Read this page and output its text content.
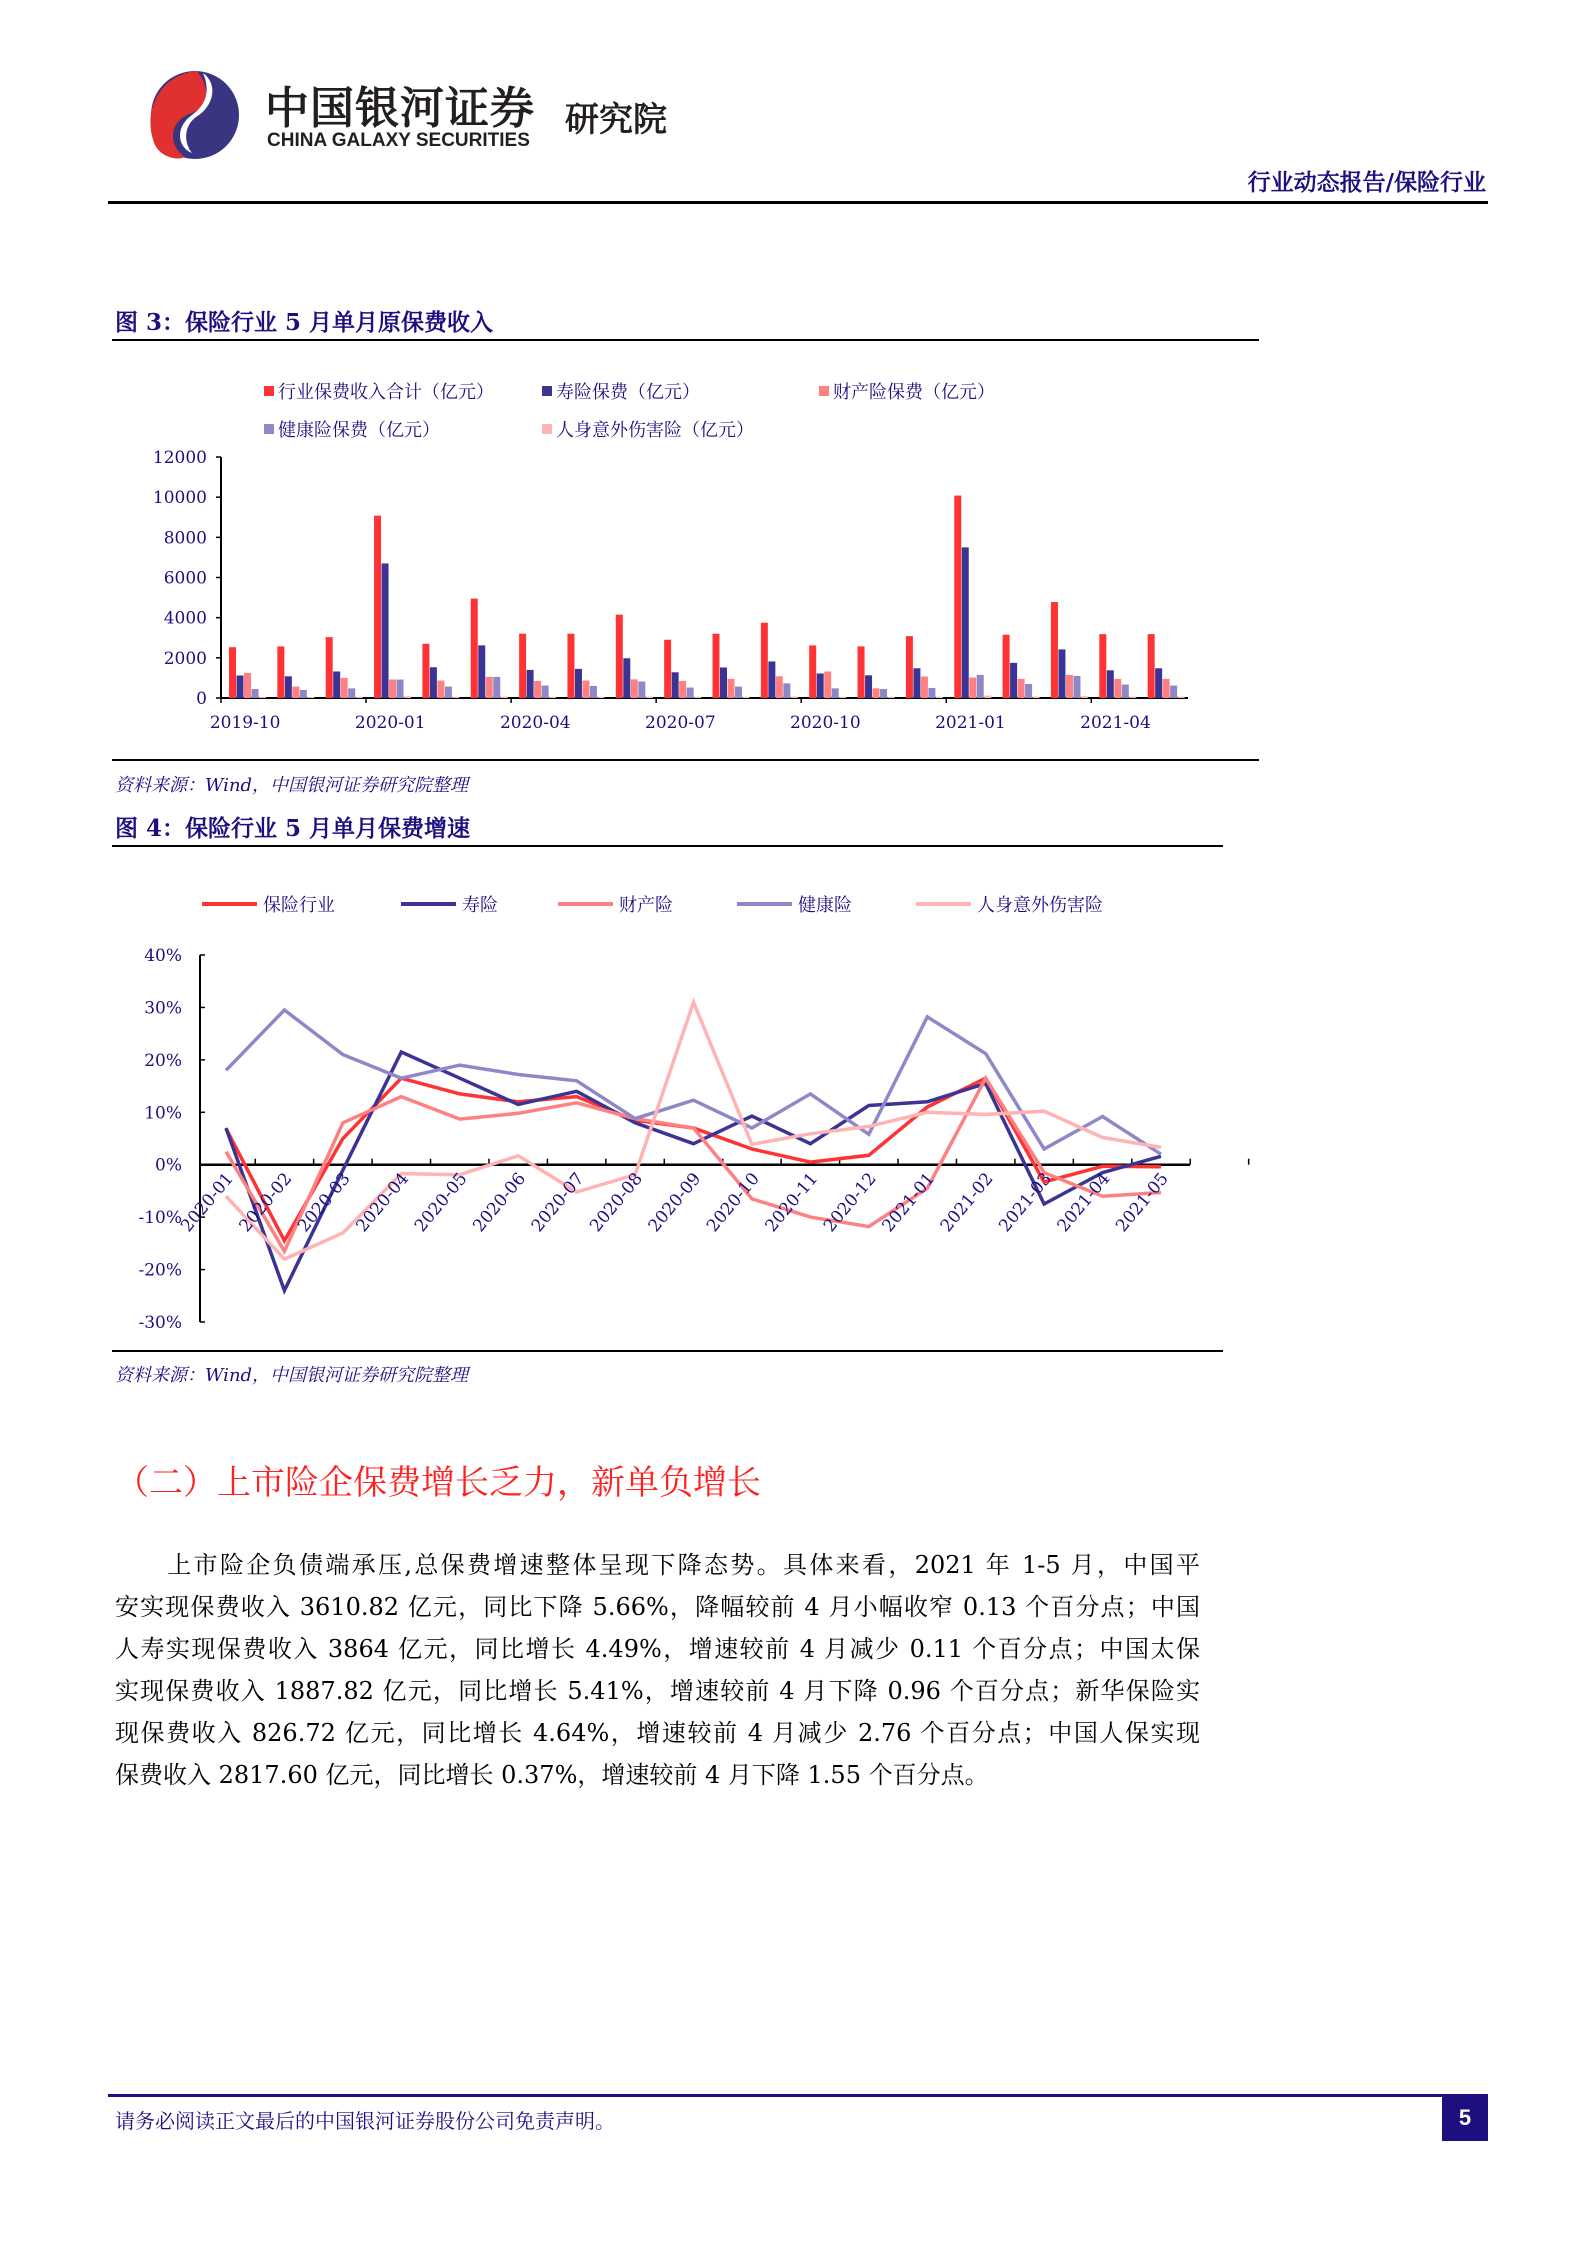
中国银河证券
CHINA GALAXY SECURITIES
研究院
行业动态报告/保险行业
图 3：保险行业 5 月单月原保费收入
行业保费收入合计（亿元）	寿险保费（亿元）	财产险保费（亿元）
健康险保费（亿元）	人身意外伤害险（亿元）
0
2000
4000
6000
8000
10000
12000
2019-10	2020-01	2020-04	2020-07	2020-10	2021-01	2021-04
资料来源：Wind，中国银河证券研究院整理
图 4：保险行业 5 月单月保费增速
保险行业	寿险	财产险	健康险	人身意外伤害险
-30%
-20%
-10%
0%
10%
20%
30%
40%
2020-01
2020-02
2020-03
2020-04
2020-05
2020-06
2020-07
2020-08
2020-09
2020-10
2020-11
2020-12
2021-01
2021-02
2021-03
2021-04
2021-05
资料来源：Wind，中国银河证券研究院整理
（二）上市险企保费增长乏力，新单负增长
上市险企负债端承压,总保费增速整体呈现下降态势。具体来看，2021 年 1-5 月，中国平
安实现保费收入 3610.82 亿元，同比下降 5.66%，降幅较前 4 月小幅收窄 0.13 个百分点；中国
人寿实现保费收入 3864 亿元，同比增长 4.49%，增速较前 4 月减少 0.11 个百分点；中国太保
实现保费收入 1887.82 亿元，同比增长 5.41%，增速较前 4 月下降 0.96 个百分点；新华保险实
现保费收入 826.72 亿元，同比增长 4.64%，增速较前 4 月减少 2.76 个百分点；中国人保实现
保费收入 2817.60 亿元，同比增长 0.37%，增速较前 4 月下降 1.55 个百分点。
请务必阅读正文最后的中国银河证券股份公司免责声明。	5
